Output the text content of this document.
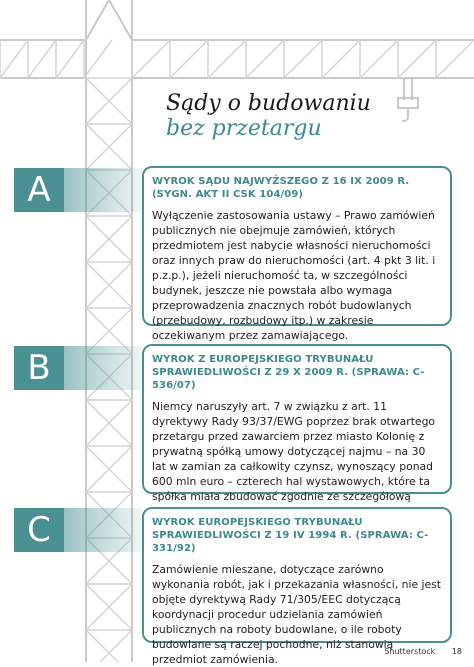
Sądy o budowaniu
bez przetargu
A	WYROK SĄDU NAJWYŻSZEGO Z 16 IX 2009 R. (SYGN. AKT II CSK 104/09)
Wyłączenie zastosowania ustawy – Prawo zamówień publicznych nie obejmuje zamówień, których przedmiotem jest nabycie własności nieruchomości oraz innych praw do nieruchomości (art. 4 pkt 3 lit. i p.z.p.), jeżeli nieruchomość ta, w szczególności budynek, jeszcze nie powstała albo wymaga przeprowadzenia znacznych robót budowlanych (przebudowy, rozbudowy itp.) w zakresie oczekiwanym przez zamawiającego.
B	WYROK Z EUROPEJSKIEGO TRYBUNAŁU SPRAWIEDLIWOŚCI Z 29 X 2009 R. (SPRAWA: C-536/07)
Niemcy naruszyły art. 7 w związku z art. 11 dyrektywy Rady 93/37/EWG poprzez brak otwartego przetargu przed zawarciem przez miasto Kolonię z prywatną spółką umowy dotyczącej najmu – na 30 lat w zamian za całkowity czynsz, wynoszący ponad 600 mln euro – czterech hal wystawowych, które ta spółka miała zbudować zgodnie ze szczegółową
C	WYROK EUROPEJSKIEGO TRYBUNAŁU SPRAWIEDLIWOŚCI Z 19 IV 1994 R. (SPRAWA: C-331/92)
Zamówienie mieszane, dotyczące zarówno wykonania robót, jak i przekazania własności, nie jest objęte dyrektywą Rady 71/305/EEC dotyczącą koordynacji procedur udzielania zamówień publicznych na roboty budowlane, o ile roboty budowlane są raczej pochodne, niż stanowią przedmiot zamówienia.
Shutterstock 18
